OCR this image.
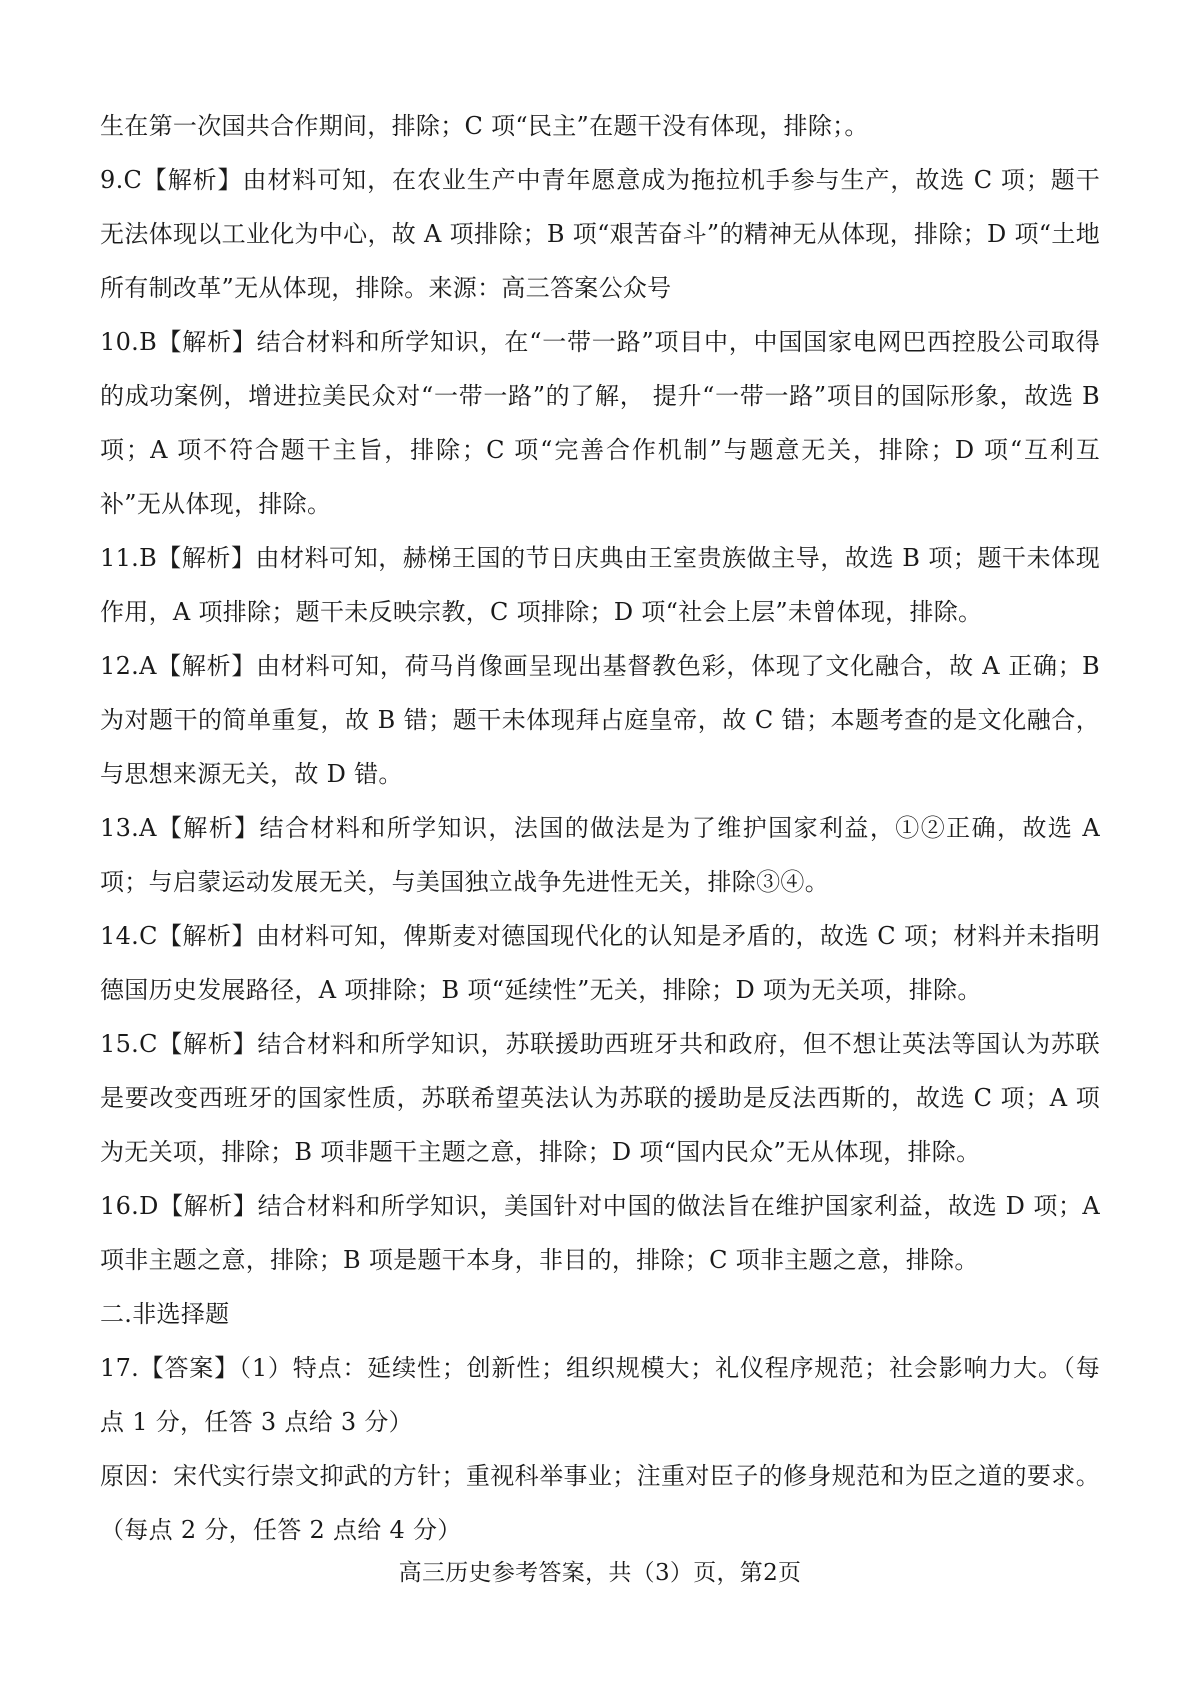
生在第一次国共合作期间，排除；C 项“民主”在题干没有体现，排除；。

9.C【解析】由材料可知，在农业生产中青年愿意成为拖拉机手参与生产，故选 C 项；题干无法体现以工业化为中心，故 A 项排除；B 项“艰苦奋斗”的精神无从体现，排除；D 项“土地所有制改革”无从体现，排除。来源：高三答案公众号

10.B【解析】结合材料和所学知识，在“一带一路”项目中，中国国家电网巴西控股公司取得的成功案例，增进拉美民众对“一带一路”的了解， 提升“一带一路”项目的国际形象，故选 B 项；A 项不符合题干主旨，排除；C 项“完善合作机制”与题意无关，排除；D 项“互利互补”无从体现，排除。

11.B【解析】由材料可知，赫梯王国的节日庆典由王室贵族做主导，故选 B 项；题干未体现作用，A 项排除；题干未反映宗教，C 项排除；D 项“社会上层”未曾体现，排除。

12.A【解析】由材料可知，荷马肖像画呈现出基督教色彩，体现了文化融合，故 A 正确；B 为对题干的简单重复，故 B 错；题干未体现拜占庭皇帝，故 C 错；本题考查的是文化融合，与思想来源无关，故 D 错。

13.A【解析】结合材料和所学知识，法国的做法是为了维护国家利益，①②正确，故选 A 项；与启蒙运动发展无关，与美国独立战争先进性无关，排除③④。

14.C【解析】由材料可知，俾斯麦对德国现代化的认知是矛盾的，故选 C 项；材料并未指明德国历史发展路径，A 项排除；B 项“延续性”无关，排除；D 项为无关项，排除。

15.C【解析】结合材料和所学知识，苏联援助西班牙共和政府，但不想让英法等国认为苏联是要改变西班牙的国家性质，苏联希望英法认为苏联的援助是反法西斯的，故选 C 项；A 项为无关项，排除；B 项非题干主题之意，排除；D 项“国内民众”无从体现，排除。

16.D【解析】结合材料和所学知识，美国针对中国的做法旨在维护国家利益，故选 D 项；A 项非主题之意，排除；B 项是题干本身，非目的，排除；C 项非主题之意，排除。

二.非选择题

17.【答案】（1）特点：延续性；创新性；组织规模大；礼仪程序规范；社会影响力大。（每点 1 分，任答 3 点给 3 分）

原因：宋代实行崇文抑武的方针；重视科举事业；注重对臣子的修身规范和为臣之道的要求。（每点 2 分，任答 2 点给 4 分）

高三历史参考答案，共（3）页，第2页
